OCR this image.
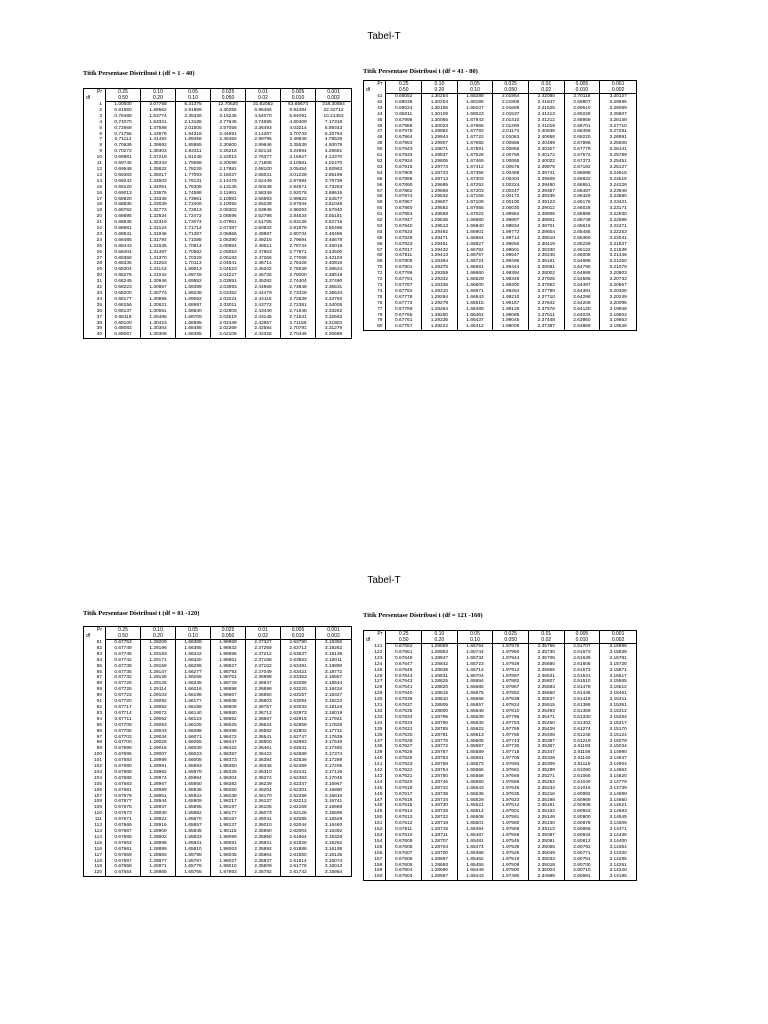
Tabel-T
Tabel-T
Titik Persentase Distribusi t (df = 1 - 40)
Pr	0.25	0.10	0.05	0.025	0.01	0.005	0.001
df	0.50	0.20	0.10	0.050	0.02	0.010	0.002
1	1.00000	3.07768	6.31375	12.70620	31.82052	63.65674	318.30884
2	0.81650	1.88562	2.91999	4.30265	6.96456	9.92484	22.32712
3	0.76489	1.63774	2.35336	3.18245	4.54070	5.84091	10.21453
4	0.74070	1.53321	2.13185	2.77645	3.74695	4.60409	7.17318
5	0.72669	1.47588	2.01505	2.57058	3.36493	4.03214	5.89343
6	0.71756	1.43976	1.94318	2.44691	3.14267	3.70743	5.20763
7	0.71114	1.41492	1.89458	2.36462	2.99795	3.49948	4.78529
8	0.70639	1.39682	1.85955	2.30600	2.89646	3.35539	4.50079
9	0.70272	1.38303	1.83311	2.26216	2.82144	3.24984	4.29681
10	0.69981	1.37218	1.81246	2.22814	2.76377	3.16927	4.14370
11	0.69745	1.36343	1.79588	2.20099	2.71808	3.10581	4.02470
12	0.69548	1.35622	1.78229	2.17881	2.68100	3.05454	3.92963
13	0.69383	1.35017	1.77093	2.16037	2.65031	3.01228	3.85198
14	0.69242	1.34503	1.76131	2.14479	2.62449	2.97684	3.78739
15	0.69120	1.34061	1.75305	2.13145	2.60248	2.94671	3.73283
16	0.69013	1.33676	1.74588	2.11991	2.58349	2.92078	3.68615
17	0.68920	1.33338	1.73961	2.10982	2.56693	2.89823	3.64577
18	0.68836	1.33039	1.73406	2.10092	2.55238	2.87844	3.61048
19	0.68762	1.32773	1.72913	2.09302	2.53948	2.86093	3.57940
20	0.68695	1.32534	1.72472	2.08596	2.52798	2.84534	3.55181
21	0.68635	1.32319	1.72074	2.07961	2.51765	2.83136	3.52715
22	0.68581	1.32124	1.71714	2.07387	2.50832	2.81876	3.50499
23	0.68531	1.31946	1.71387	2.06866	2.49987	2.80734	3.48496
24	0.68485	1.31784	1.71088	2.06390	2.49216	2.79694	3.46678
25	0.68443	1.31635	1.70814	2.05954	2.48511	2.78744	3.45019
26	0.68404	1.31497	1.70562	2.05553	2.47863	2.77871	3.43500
27	0.68368	1.31370	1.70329	2.05183	2.47266	2.77068	3.42103
28	0.68335	1.31253	1.70113	2.04841	2.46714	2.76326	3.40816
29	0.68304	1.31143	1.69913	2.04523	2.46202	2.75639	3.39624
30	0.68276	1.31042	1.69726	2.04227	2.45726	2.75000	3.38518
31	0.68249	1.30946	1.69552	2.03951	2.45282	2.74404	3.37490
32	0.68223	1.30857	1.69389	2.03693	2.44868	2.73848	3.36531
33	0.68200	1.30774	1.69236	2.03452	2.44479	2.73328	3.35634
34	0.68177	1.30695	1.69092	2.03224	2.44115	2.72839	3.34793
35	0.68156	1.30621	1.68957	2.03011	2.43772	2.72381	3.34005
36	0.68137	1.30551	1.68830	2.02809	2.43449	2.71948	3.33262
37	0.68118	1.30485	1.68709	2.02619	2.43145	2.71541	3.32563
38	0.68100	1.30423	1.68595	2.02439	2.42857	2.71156	3.31903
39	0.68083	1.30364	1.68488	2.02269	2.42584	2.70791	3.31279
40	0.68067	1.30308	1.68385	2.02108	2.42326	2.70446	3.30688
Titik Persentase Distribusi t (df = 41 - 80)
Pr	0.25	0.10	0.05	0.025	0.01	0.005	0.001
df	0.50	0.20	0.10	0.050	0.02	0.010	0.002
41	0.68052	1.30254	1.68288	2.01954	2.42080	2.70118	3.30127
42	0.68038	1.30204	1.68195	2.01808	2.41847	2.69807	3.29595
43	0.68024	1.30155	1.68107	2.01669	2.41625	2.69510	3.29089
44	0.68011	1.30109	1.68023	2.01537	2.41413	2.69228	3.28607
45	0.67998	1.30065	1.67943	2.01410	2.41212	2.68959	3.28148
46	0.67986	1.30023	1.67866	2.01290	2.41019	2.68701	3.27710
47	0.67975	1.29982	1.67793	2.01174	2.40835	2.68456	3.27291
48	0.67964	1.29944	1.67722	2.01063	2.40658	2.68220	3.26891
49	0.67953	1.29907	1.67655	2.00958	2.40489	2.67995	3.26508
50	0.67943	1.29871	1.67591	2.00856	2.40327	2.67779	3.26141
51	0.67933	1.29837	1.67528	2.00758	2.40172	2.67572	3.25789
52	0.67924	1.29805	1.67469	2.00665	2.40022	2.67373	3.25451
53	0.67915	1.29773	1.67412	2.00575	2.39879	2.67182	3.25127
54	0.67906	1.29743	1.67356	2.00488	2.39741	2.66998	3.24815
55	0.67898	1.29713	1.67303	2.00404	2.39608	2.66822	3.24515
56	0.67890	1.29685	1.67252	2.00324	2.39480	2.66651	3.24226
57	0.67882	1.29658	1.67203	2.00247	2.39357	2.66487	3.23948
58	0.67874	1.29632	1.67155	2.00172	2.39238	2.66329	3.23680
59	0.67867	1.29607	1.67109	2.00100	2.39123	2.66176	3.23421
60	0.67860	1.29582	1.67065	2.00030	2.39012	2.66028	3.23171
61	0.67853	1.29558	1.67022	1.99962	2.38905	2.65886	3.22930
62	0.67847	1.29536	1.66980	1.99897	2.38801	2.65748	3.22696
63	0.67840	1.29513	1.66940	1.99834	2.38701	2.65615	3.22471
64	0.67834	1.29492	1.66901	1.99773	2.38604	2.65485	3.22253
65	0.67828	1.29471	1.66864	1.99714	2.38510	2.65360	3.22041
66	0.67823	1.29451	1.66827	1.99656	2.38419	2.65239	3.21837
67	0.67817	1.29432	1.66792	1.99601	2.38330	2.65122	3.21639
68	0.67811	1.29413	1.66757	1.99547	2.38245	2.65008	3.21446
69	0.67806	1.29394	1.66724	1.99495	2.38161	2.64898	3.21260
70	0.67801	1.29376	1.66691	1.99444	2.38081	2.64790	3.21079
71	0.67796	1.29359	1.66660	1.99394	2.38002	2.64686	3.20903
72	0.67791	1.29342	1.66629	1.99346	2.37926	2.64585	3.20733
73	0.67787	1.29326	1.66600	1.99300	2.37852	2.64487	3.20567
74	0.67782	1.29310	1.66571	1.99254	2.37780	2.64391	3.20406
75	0.67778	1.29294	1.66543	1.99210	2.37710	2.64298	3.20249
76	0.67773	1.29279	1.66515	1.99167	2.37642	2.64208	3.20096
77	0.67769	1.29264	1.66488	1.99125	2.37576	2.64120	3.19948
78	0.67765	1.29250	1.66462	1.99085	2.37511	2.64034	3.19804
79	0.67761	1.29236	1.66437	1.99045	2.37448	2.63950	3.19663
80	0.67757	1.29222	1.66412	1.99006	2.37387	2.63869	3.19526
Titik Persentase Distribusi t (df = 81 -120)
Pr	0.25	0.10	0.05	0.025	0.01	0.005	0.001
df	0.50	0.20	0.10	0.050	0.02	0.010	0.002
81	0.67753	1.29209	1.66388	1.98969	2.37327	2.63790	3.19392
82	0.67749	1.29196	1.66365	1.98932	2.37269	2.63712	3.19262
83	0.67746	1.29183	1.66342	1.98896	2.37212	2.63637	3.19135
84	0.67742	1.29171	1.66320	1.98861	2.37156	2.63563	3.19011
85	0.67739	1.29159	1.66298	1.98827	2.37102	2.63491	3.18890
86	0.67735	1.29147	1.66277	1.98793	2.37049	2.63421	3.18772
87	0.67732	1.29136	1.66256	1.98761	2.36998	2.63353	3.18657
88	0.67729	1.29125	1.66235	1.98729	2.36947	2.63286	3.18544
89	0.67726	1.29114	1.66216	1.98698	2.36898	2.63220	3.18434
90	0.67723	1.29103	1.66196	1.98667	2.36850	2.63157	3.18327
91	0.67720	1.29092	1.66177	1.98638	2.36803	2.63094	3.18222
92	0.67717	1.29082	1.66159	1.98609	2.36757	2.63033	3.18119
93	0.67714	1.29072	1.66140	1.98580	2.36712	2.62973	3.18019
94	0.67711	1.29062	1.66123	1.98552	2.36667	2.62915	3.17921
95	0.67708	1.29053	1.66105	1.98525	2.36624	2.62858	3.17825
96	0.67705	1.29043	1.66088	1.98498	2.36582	2.62802	3.17731
97	0.67703	1.29034	1.66071	1.98472	2.36541	2.62747	3.17639
98	0.67700	1.29025	1.66055	1.98447	2.36500	2.62693	3.17549
99	0.67698	1.29016	1.66039	1.98422	2.36461	2.62641	3.17460
100	0.67695	1.29007	1.66023	1.98397	2.36422	2.62589	3.17374
101	0.67693	1.28999	1.66008	1.98373	2.36384	2.62539	3.17289
102	0.67690	1.28991	1.65993	1.98350	2.36346	2.62489	3.17206
103	0.67688	1.28982	1.65978	1.98326	2.36310	2.62441	3.17125
104	0.67686	1.28974	1.65964	1.98304	2.36274	2.62393	3.17045
105	0.67683	1.28967	1.65950	1.98282	2.36239	2.62347	3.16967
106	0.67681	1.28959	1.65936	1.98260	2.36204	2.62301	3.16890
107	0.67679	1.28951	1.65922	1.98238	2.36170	2.62256	3.16815
108	0.67677	1.28944	1.65909	1.98217	2.36137	2.62212	3.16741
109	0.67675	1.28937	1.65895	1.98197	2.36105	2.62169	3.16669
110	0.67673	1.28930	1.65882	1.98177	2.36073	2.62126	3.16598
111	0.67671	1.28922	1.65870	1.98157	2.36041	2.62085	3.16528
112	0.67669	1.28916	1.65857	1.98137	2.36010	2.62044	3.16460
113	0.67667	1.28909	1.65845	1.98118	2.35980	2.62004	3.16392
114	0.67665	1.28902	1.65833	1.98099	2.35950	2.61964	3.16326
115	0.67663	1.28896	1.65821	1.98081	2.35921	2.61926	3.16262
116	0.67661	1.28889	1.65810	1.98063	2.35892	2.61888	3.16198
117	0.67659	1.28883	1.65798	1.98045	2.35864	2.61850	3.16135
118	0.67657	1.28877	1.65787	1.98027	2.35837	2.61814	3.16074
119	0.67656	1.28871	1.65776	1.98010	2.35809	2.61778	3.16013
120	0.67654	1.28865	1.65765	1.97993	2.35782	2.61742	3.15954
Titik Persentase Distribusi t (df = 121 -160)
Pr	0.25	0.10	0.05	0.025	0.01	0.005	0.001
df	0.50	0.20	0.10	0.050	0.02	0.010	0.002
121	0.67652	1.28859	1.65754	1.97976	2.35756	2.61707	3.15895
122	0.67651	1.28853	1.65744	1.97960	2.35730	2.61673	3.15838
123	0.67649	1.28847	1.65734	1.97944	2.35705	2.61639	3.15781
124	0.67647	1.28842	1.65723	1.97928	2.35680	2.61606	3.15726
125	0.67646	1.28836	1.65714	1.97912	2.35655	2.61573	3.15671
126	0.67644	1.28831	1.65704	1.97897	2.35631	2.61541	3.15617
127	0.67643	1.28825	1.65694	1.97882	2.35607	2.61510	3.15565
128	0.67641	1.28820	1.65685	1.97867	2.35583	2.61478	3.15512
129	0.67640	1.28815	1.65675	1.97852	2.35560	2.61448	3.15461
130	0.67638	1.28810	1.65666	1.97838	2.35537	2.61418	3.15411
131	0.67637	1.28805	1.65657	1.97824	2.35515	2.61388	3.15361
132	0.67635	1.28800	1.65648	1.97810	2.35493	2.61359	3.15312
133	0.67634	1.28795	1.65639	1.97796	2.35471	2.61330	3.15264
134	0.67633	1.28790	1.65630	1.97783	2.35450	2.61302	3.15217
135	0.67631	1.28785	1.65622	1.97769	2.35429	2.61274	3.15170
136	0.67630	1.28781	1.65613	1.97756	2.35408	2.61246	3.15124
137	0.67628	1.28776	1.65605	1.97743	2.35387	2.61219	3.15079
138	0.67627	1.28772	1.65597	1.97730	2.35367	2.61193	3.15034
139	0.67626	1.28767	1.65589	1.97718	2.35347	2.61166	3.14990
140	0.67625	1.28763	1.65581	1.97705	2.35328	2.61140	3.14947
141	0.67623	1.28758	1.65573	1.97693	2.35309	2.61115	3.14904
142	0.67622	1.28754	1.65566	1.97681	2.35289	2.61090	3.14862
143	0.67621	1.28750	1.65558	1.97669	2.35271	2.61065	3.14820
144	0.67620	1.28746	1.65550	1.97658	2.35252	2.61040	3.14779
145	0.67619	1.28742	1.65543	1.97646	2.35234	2.61016	3.14739
146	0.67617	1.28738	1.65536	1.97635	2.35216	2.60992	3.14699
147	0.67616	1.28734	1.65529	1.97623	2.35198	2.60969	3.14660
148	0.67615	1.28730	1.65521	1.97612	2.35181	2.60946	3.14621
149	0.67614	1.28726	1.65514	1.97601	2.35163	2.60923	3.14583
150	0.67613	1.28722	1.65508	1.97591	2.35146	2.60900	3.14545
151	0.67612	1.28718	1.65501	1.97580	2.35130	2.60878	3.14508
152	0.67611	1.28715	1.65494	1.97569	2.35113	2.60856	3.14471
153	0.67610	1.28711	1.65487	1.97559	2.35097	2.60834	3.14435
154	0.67609	1.28707	1.65481	1.97549	2.35081	2.60813	3.14400
155	0.67608	1.28704	1.65474	1.97539	2.35065	2.60792	3.14364
156	0.67607	1.28700	1.65468	1.97529	2.35049	2.60771	3.14330
157	0.67606	1.28697	1.65462	1.97519	2.35033	2.60751	3.14295
158	0.67605	1.28693	1.65455	1.97509	2.35018	2.60730	3.14261
159	0.67604	1.28690	1.65449	1.97500	2.35003	2.60710	3.14228
160	0.67603	1.28687	1.65443	1.97490	2.34988	2.60691	3.14195
